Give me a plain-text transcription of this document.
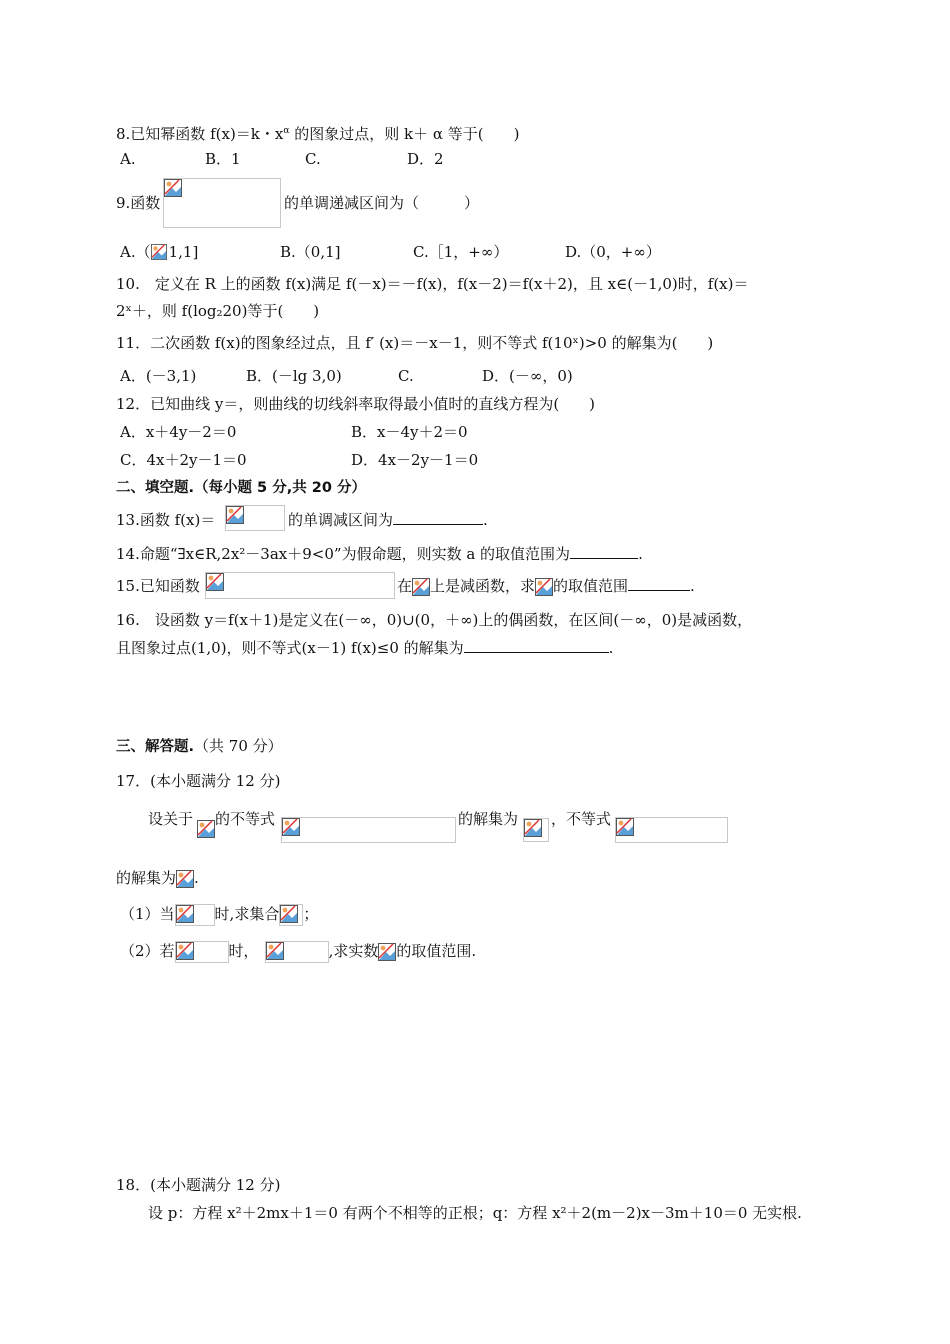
8.已知幂函数 f(x)＝k・$x^\alpha$ 的图象过点，则 k＋ α 等于(　　)
A.	B．1	C.	D．2
9.函数	的单调递减区间为（　　　）
A.（ 1,1]	B.（0,1]	C.［1，+∞）	D.（0，+∞）
10.　定义在 R 上的函数 f(x)满足 f(－x)＝－f(x)，f(x－2)＝f(x＋2)，且 x∈(－1,0)时，f(x)＝
2ˣ＋，则 f(log₂20)等于(　　)
11．二次函数 f(x)的图象经过点，且 f′ (x)＝－x－1，则不等式 f(10ˣ)>0 的解集为(　　)
A．(－3,1)	B．(－lg 3,0)	C.	D．(－∞，0)
12．已知曲线 y＝，则曲线的切线斜率取得最小值时的直线方程为(　　)
A．x＋4y－2＝0	B．x－4y＋2＝0
C．4x＋2y－1＝0	D．4x－2y－1＝0
二、填空题.（每小题 5 分,共 20 分）
13.函数 f(x)＝	的单调减区间为	.
14.命题“∃x∈R,2x²－3ax＋9<0”为假命题，则实数 a 的取值范围为	.
15.已知函数	在 上是减函数，求 的取值范围	.
16.　设函数 y＝f(x＋1)是定义在(－∞，0)∪(0，＋∞)上的偶函数，在区间(－∞，0)是减函数，
且图象过点(1,0)，则不等式(x－1) f(x)≤0 的解集为	.
三、解答题.（共 70 分）
17．(本小题满分 12 分)
设关于 的不等式	的解集为 ，不等式
的解集为 .
（1）当	时,求集合 ；
（2）若	时，	,求实数 的取值范围.
18．(本小题满分 12 分)
设 p：方程 x²＋2mx＋1＝0 有两个不相等的正根；q：方程 x²＋2(m－2)x－3m＋10＝0 无实根.
